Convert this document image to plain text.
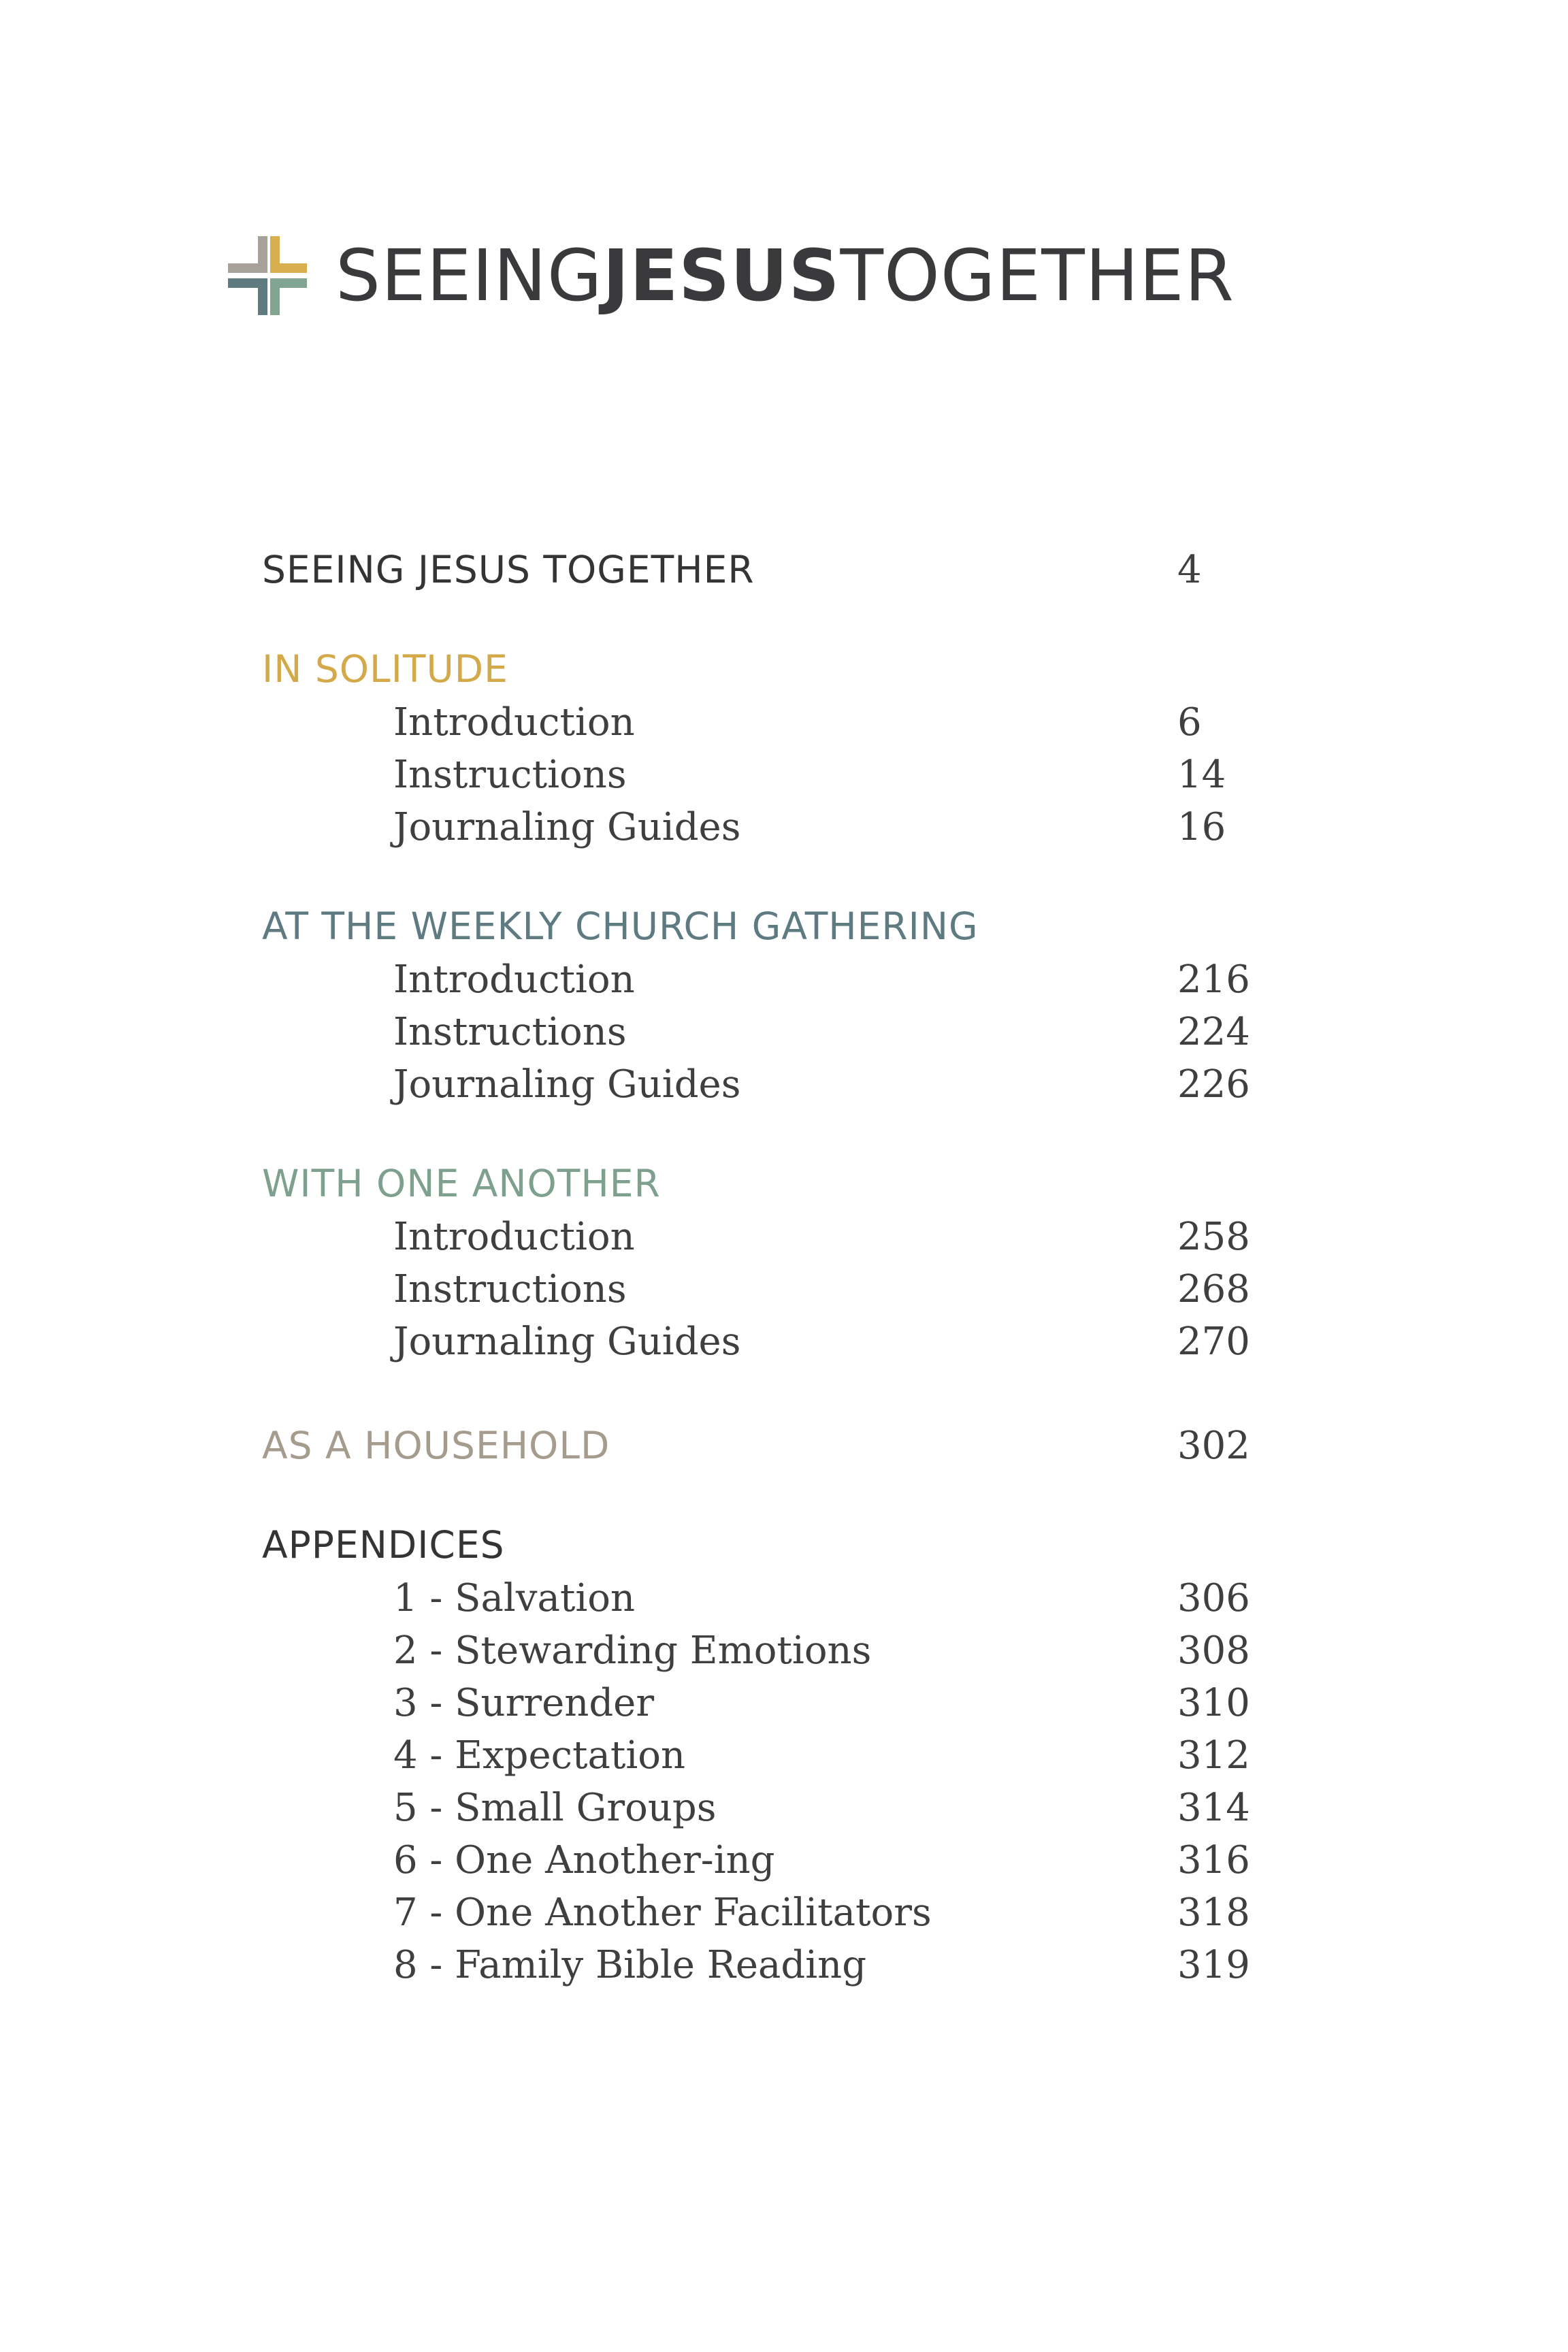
SEEINGJESUSTOGETHER
SEEING JESUS TOGETHER	4
IN SOLITUDE
Introduction	6
Instructions	14
Journaling Guides	16
AT THE WEEKLY CHURCH GATHERING
Introduction	216
Instructions	224
Journaling Guides	226
WITH ONE ANOTHER
Introduction	258
Instructions	268
Journaling Guides	270
AS A HOUSEHOLD	302
APPENDICES
1 - Salvation	306
2 - Stewarding Emotions	308
3 - Surrender	310
4 - Expectation	312
5 - Small Groups	314
6 - One Another-ing	316
7 - One Another Facilitators	318
8 - Family Bible Reading	319
